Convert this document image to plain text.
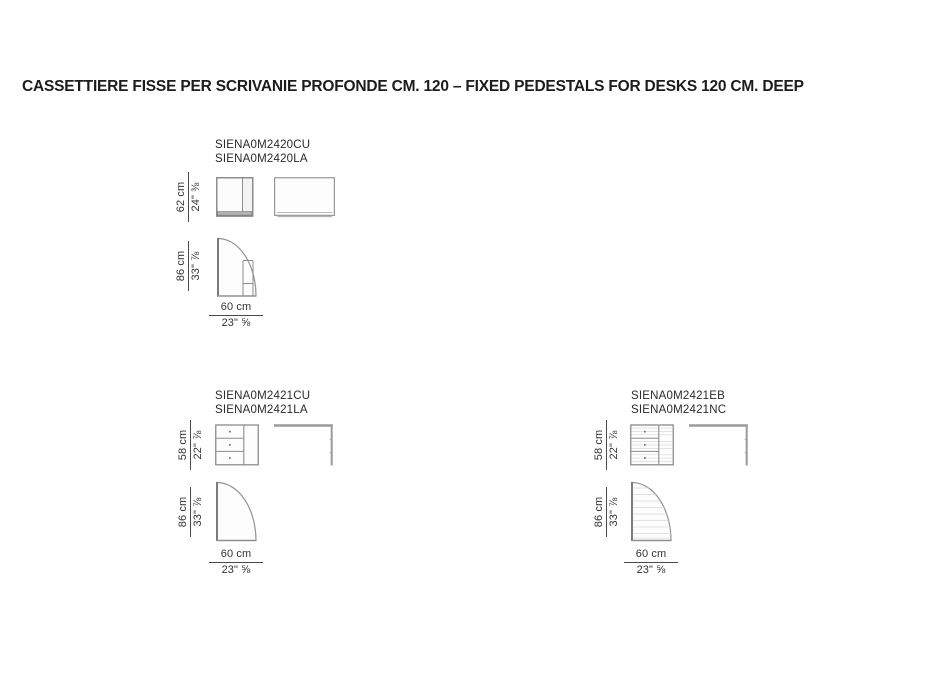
CASSETTIERE FISSE PER SCRIVANIE PROFONDE CM. 120 – FIXED PEDESTALS FOR DESKS 120 CM. DEEP
SIENA0M2420CU
SIENA0M2420LA
62 cm 24" ⅜
86 cm 33" ⅞
60 cm
23" ⅝
SIENA0M2421CU
SIENA0M2421LA
58 cm 22" ⅞
86 cm 33" ⅞
60 cm
23" ⅝
SIENA0M2421EB
SIENA0M2421NC
58 cm 22" ⅞
86 cm 33" ⅞
60 cm
23" ⅝
